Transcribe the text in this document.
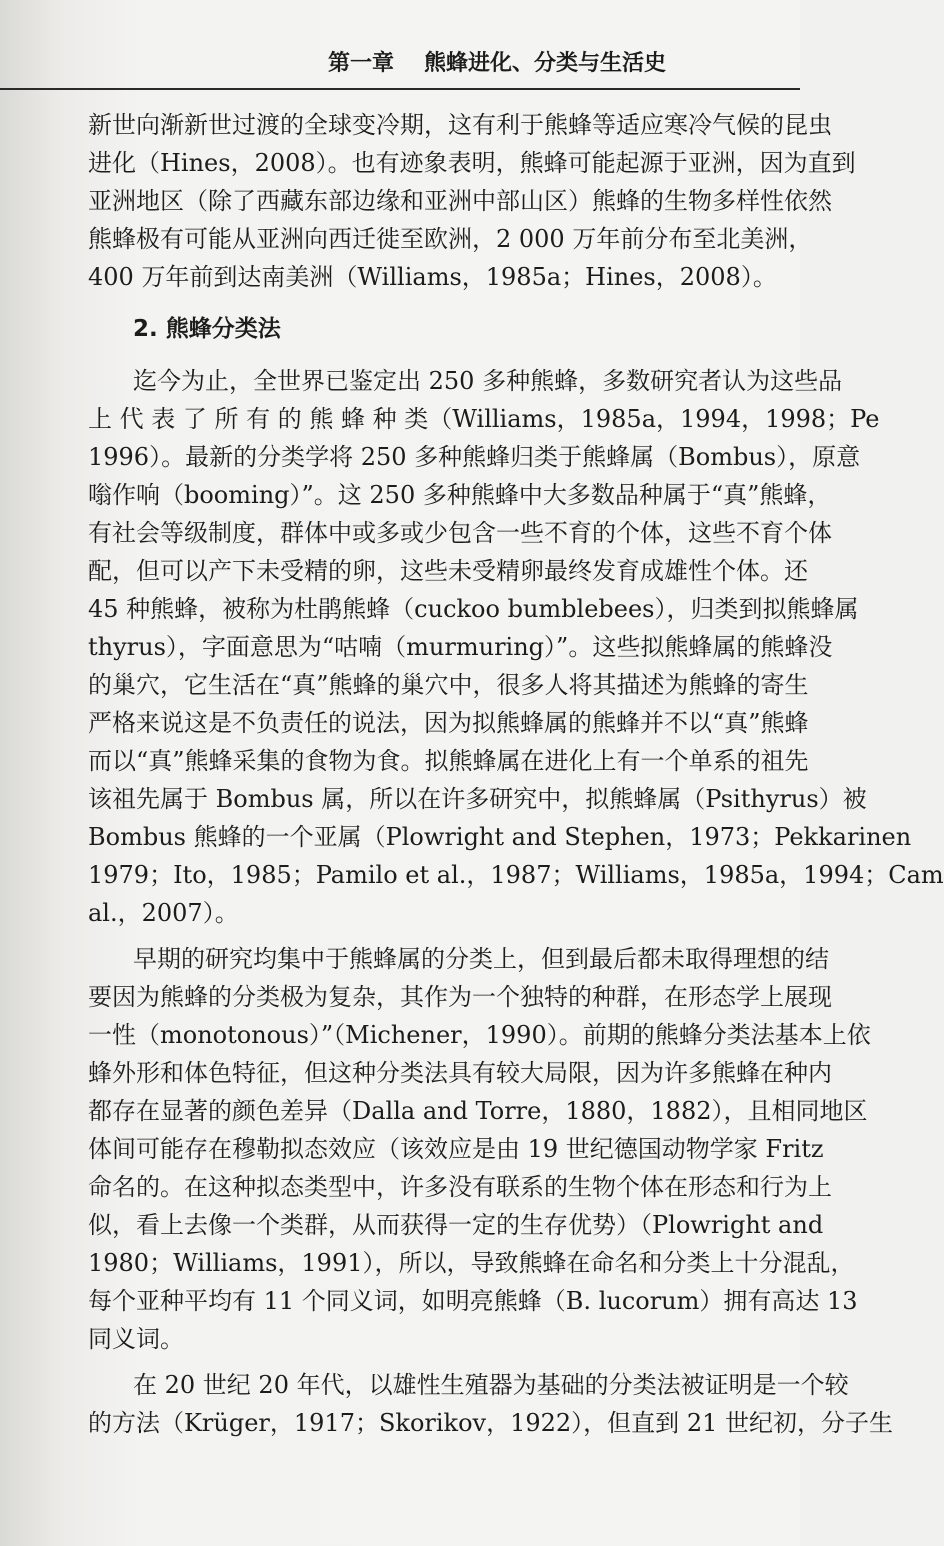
第一章 熊蜂进化、分类与生活史
新世向渐新世过渡的全球变冷期，这有利于熊蜂等适应寒冷气候的昆虫
进化（Hines，2008）。也有迹象表明，熊蜂可能起源于亚洲，因为直到
亚洲地区（除了西藏东部边缘和亚洲中部山区）熊蜂的生物多样性依然
熊蜂极有可能从亚洲向西迁徙至欧洲，2 000 万年前分布至北美洲，
400 万年前到达南美洲（Williams，1985a；Hines，2008）。
2. 熊蜂分类法
迄今为止，全世界已鉴定出 250 多种熊蜂，多数研究者认为这些品
上 代 表 了 所 有 的 熊 蜂 种 类（Williams，1985a，1994，1998；Pe
1996）。最新的分类学将 250 多种熊蜂归类于熊蜂属（Bombus），原意
嗡作响（booming）”。这 250 多种熊蜂中大多数品种属于“真”熊蜂，
有社会等级制度，群体中或多或少包含一些不育的个体，这些不育个体
配，但可以产下未受精的卵，这些未受精卵最终发育成雄性个体。还
45 种熊蜂，被称为杜鹃熊蜂（cuckoo bumblebees），归类到拟熊蜂属
thyrus），字面意思为“咕喃（murmuring）”。这些拟熊蜂属的熊蜂没
的巢穴，它生活在“真”熊蜂的巢穴中，很多人将其描述为熊蜂的寄生
严格来说这是不负责任的说法，因为拟熊蜂属的熊蜂并不以“真”熊蜂
而以“真”熊蜂采集的食物为食。拟熊蜂属在进化上有一个单系的祖先
该祖先属于 Bombus 属，所以在许多研究中，拟熊蜂属（Psithyrus）被
Bombus 熊蜂的一个亚属（Plowright and Stephen，1973；Pekkarinen
1979；Ito，1985；Pamilo et al.，1987；Williams，1985a，1994；Cam
al.，2007）。
早期的研究均集中于熊蜂属的分类上，但到最后都未取得理想的结
要因为熊蜂的分类极为复杂，其作为一个独特的种群，在形态学上展现
一性（monotonous）”（Michener，1990）。前期的熊蜂分类法基本上依
蜂外形和体色特征，但这种分类法具有较大局限，因为许多熊蜂在种内
都存在显著的颜色差异（Dalla and Torre，1880，1882），且相同地区
体间可能存在穆勒拟态效应（该效应是由 19 世纪德国动物学家 Fritz
命名的。在这种拟态类型中，许多没有联系的生物个体在形态和行为上
似，看上去像一个类群，从而获得一定的生存优势）（Plowright and
1980；Williams，1991），所以，导致熊蜂在命名和分类上十分混乱，
每个亚种平均有 11 个同义词，如明亮熊蜂（B. lucorum）拥有高达 13
同义词。
在 20 世纪 20 年代，以雄性生殖器为基础的分类法被证明是一个较
的方法（Krüger，1917；Skorikov，1922），但直到 21 世纪初，分子生
